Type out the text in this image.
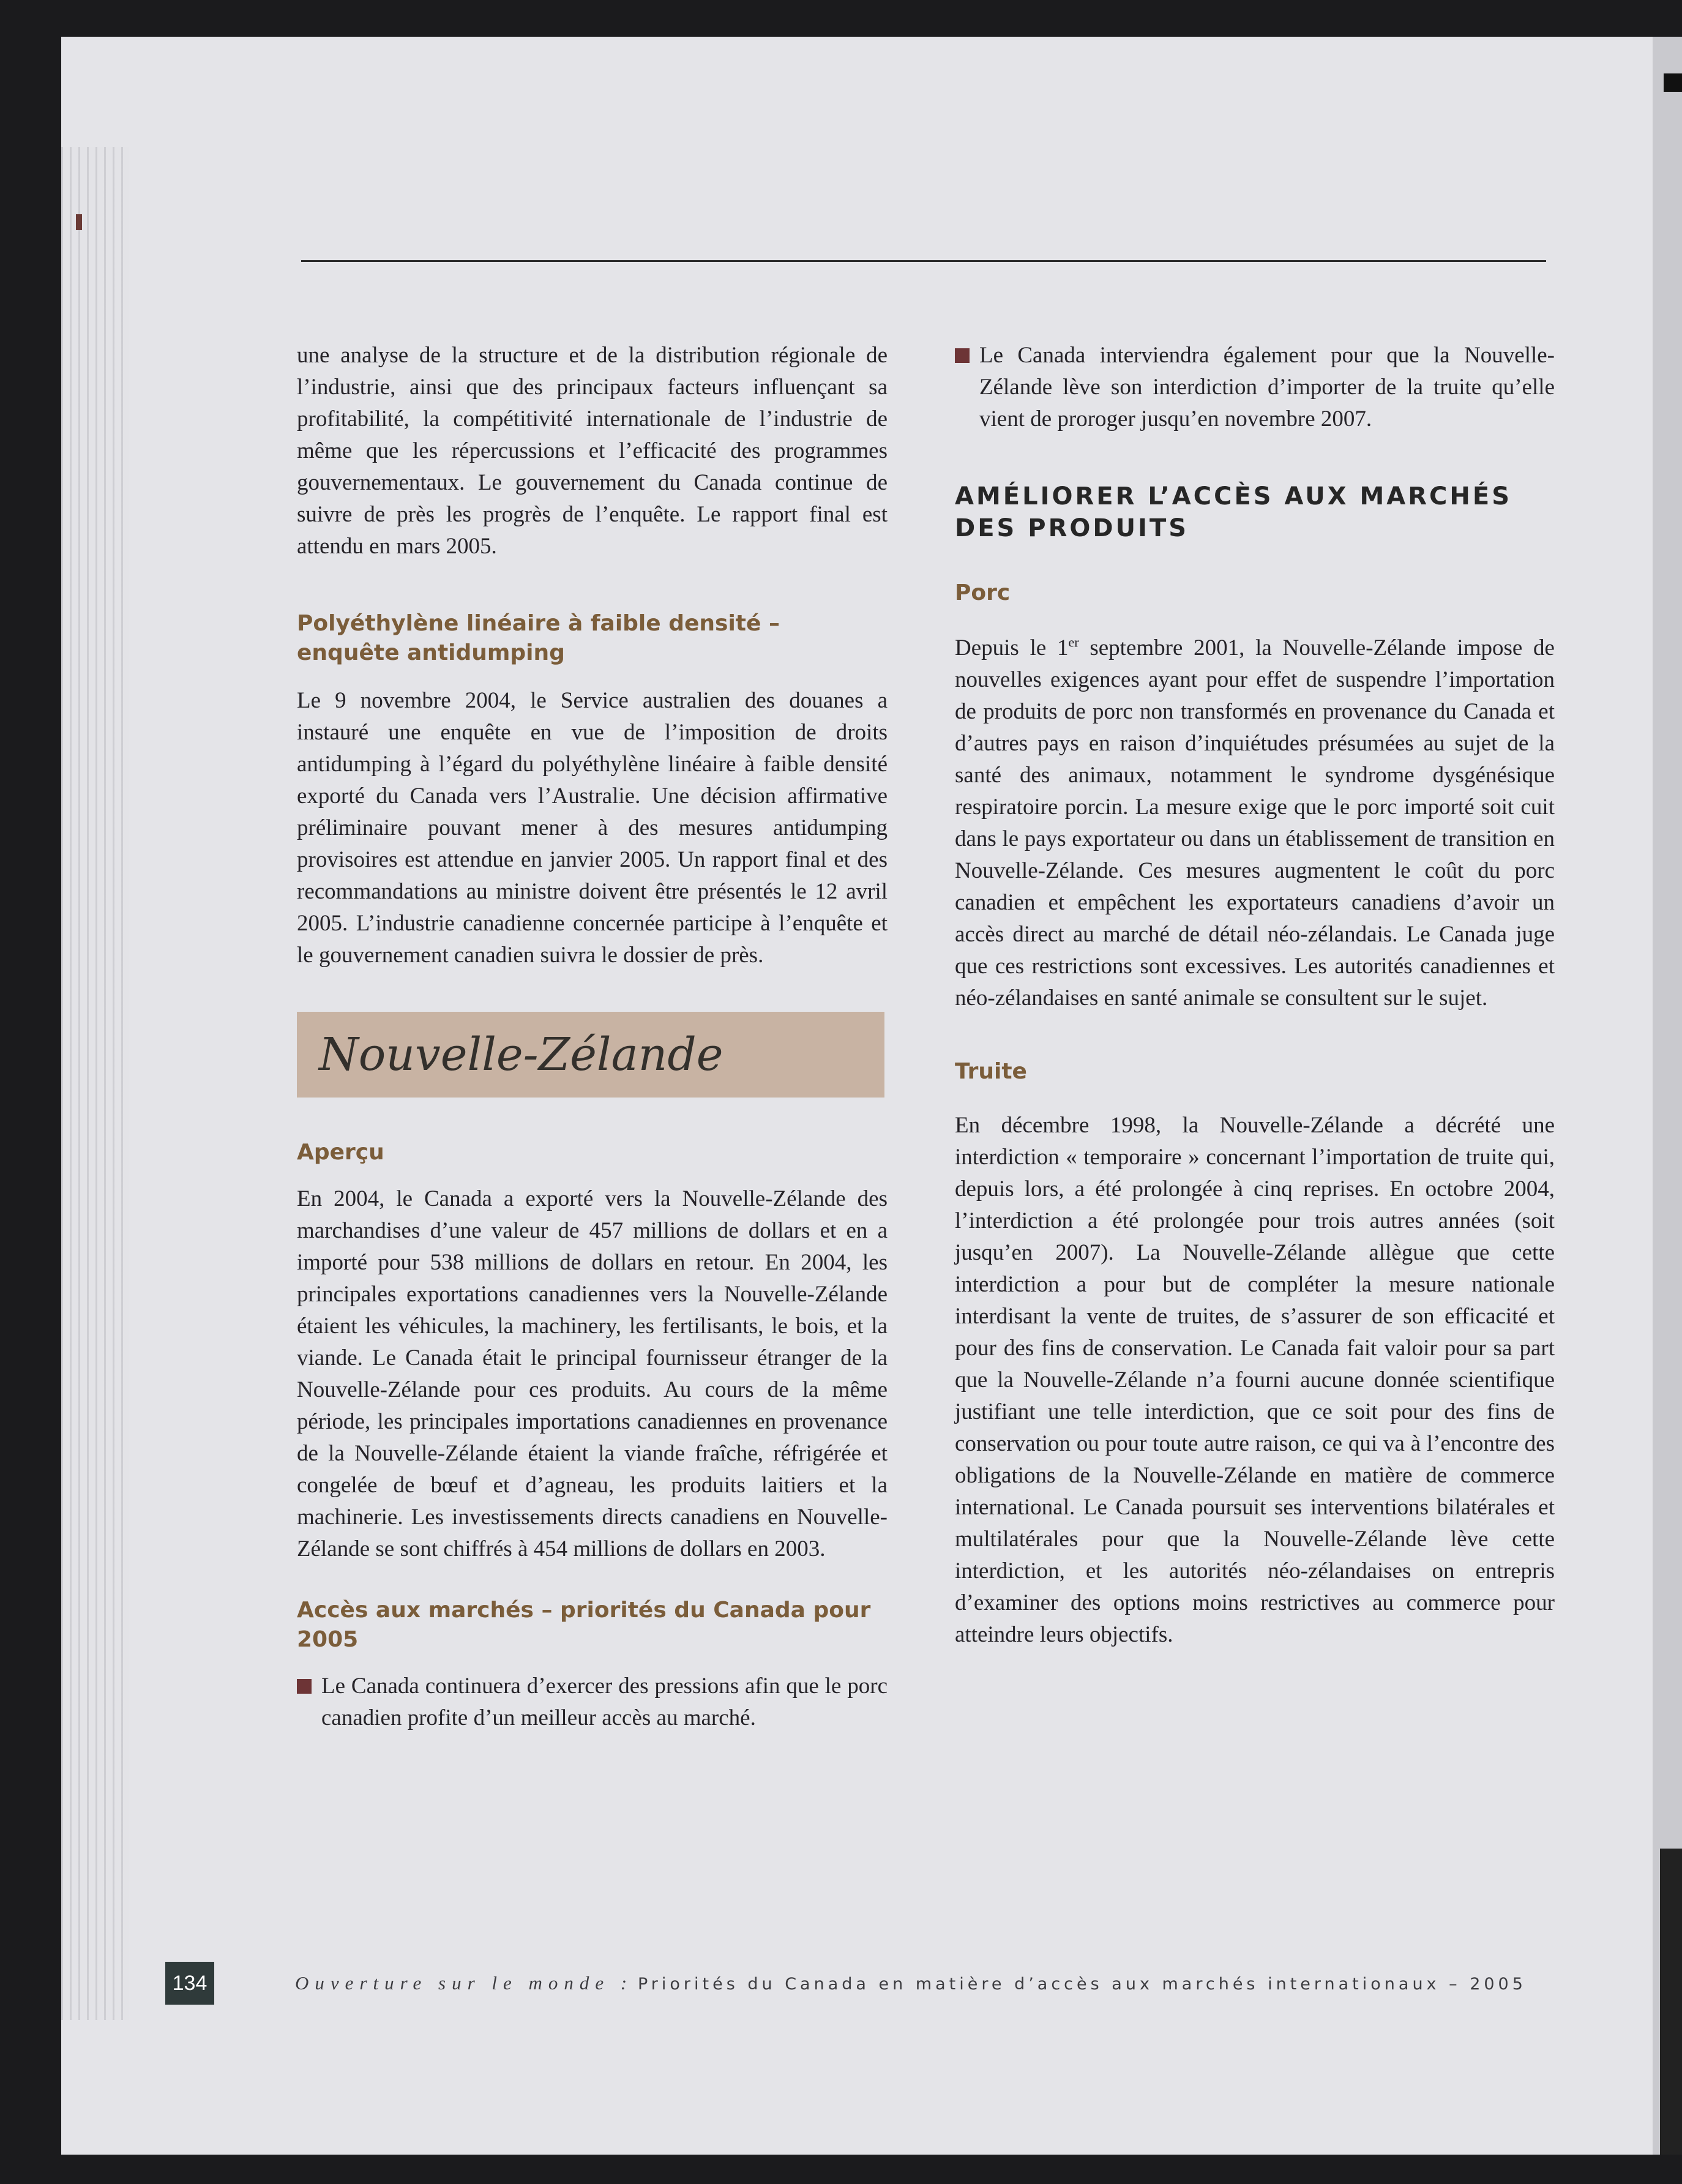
une analyse de la structure et de la distribution régionale de l’industrie, ainsi que des principaux facteurs influençant sa profitabilité, la compétitivité internationale de l’industrie de même que les répercussions et l’efficacité des programmes gouvernementaux. Le gouvernement du Canada continue de suivre de près les progrès de l’enquête. Le rapport final est attendu en mars 2005.

Polyéthylène linéaire à faible densité – enquête antidumping

Le 9 novembre 2004, le Service australien des douanes a instauré une enquête en vue de l’imposition de droits antidumping à l’égard du polyéthylène linéaire à faible densité exporté du Canada vers l’Australie. Une décision affirmative préliminaire pouvant mener à des mesures antidumping provisoires est attendue en janvier 2005. Un rapport final et des recommandations au ministre doivent être présentés le 12 avril 2005. L’industrie canadienne concernée participe à l’enquête et le gouvernement canadien suivra le dossier de près.

Nouvelle-Zélande
Aperçu

En 2004, le Canada a exporté vers la Nouvelle-Zélande des marchandises d’une valeur de 457 millions de dollars et en a importé pour 538 millions de dollars en retour. En 2004, les principales exportations canadiennes vers la Nouvelle-Zélande étaient les véhicules, la machinery, les fertilisants, le bois, et la viande. Le Canada était le principal fournisseur étranger de la Nouvelle-Zélande pour ces produits. Au cours de la même période, les principales importations canadiennes en provenance de la Nouvelle-Zélande étaient la viande fraîche, réfrigérée et congelée de bœuf et d’agneau, les produits laitiers et la machinerie. Les investissements directs canadiens en Nouvelle-Zélande se sont chiffrés à 454 millions de dollars en 2003.

Accès aux marchés – priorités du Canada pour 2005

Le Canada continuera d’exercer des pressions afin que le porc canadien profite d’un meilleur accès au marché.

Le Canada interviendra également pour que la Nouvelle-Zélande lève son interdiction d’importer de la truite qu’elle vient de proroger jusqu’en novembre 2007.

AMÉLIORER L’ACCÈS AUX MARCHÉS
DES PRODUITS
Porc

Depuis le 1er septembre 2001, la Nouvelle-Zélande impose de nouvelles exigences ayant pour effet de suspendre l’importation de produits de porc non transformés en provenance du Canada et d’autres pays en raison d’inquiétudes présumées au sujet de la santé des animaux, notamment le syndrome dysgénésique respiratoire porcin. La mesure exige que le porc importé soit cuit dans le pays exportateur ou dans un établissement de transition en Nouvelle-Zélande. Ces mesures augmentent le coût du porc canadien et empêchent les exportateurs canadiens d’avoir un accès direct au marché de détail néo-zélandais. Le Canada juge que ces restrictions sont excessives. Les autorités canadiennes et néo-zélandaises en santé animale se consultent sur le sujet.

Truite

En décembre 1998, la Nouvelle-Zélande a décrété une interdiction « temporaire » concernant l’importation de truite qui, depuis lors, a été prolongée à cinq reprises. En octobre 2004, l’interdiction a été prolongée pour trois autres années (soit jusqu’en 2007). La Nouvelle-Zélande allègue que cette interdiction a pour but de compléter la mesure nationale interdisant la vente de truites, de s’assurer de son efficacité et pour des fins de conservation. Le Canada fait valoir pour sa part que la Nouvelle-Zélande n’a fourni aucune donnée scientifique justifiant une telle interdiction, que ce soit pour des fins de conservation ou pour toute autre raison, ce qui va à l’encontre des obligations de la Nouvelle-Zélande en matière de commerce international. Le Canada poursuit ses interventions bilatérales et multilatérales pour que la Nouvelle-Zélande lève cette interdiction, et les autorités néo-zélandaises on entrepris d’examiner des options moins restrictives au commerce pour atteindre leurs objectifs.

134	Ouverture sur le monde : Priorités du Canada en matière d’accès aux marchés internationaux – 2005
